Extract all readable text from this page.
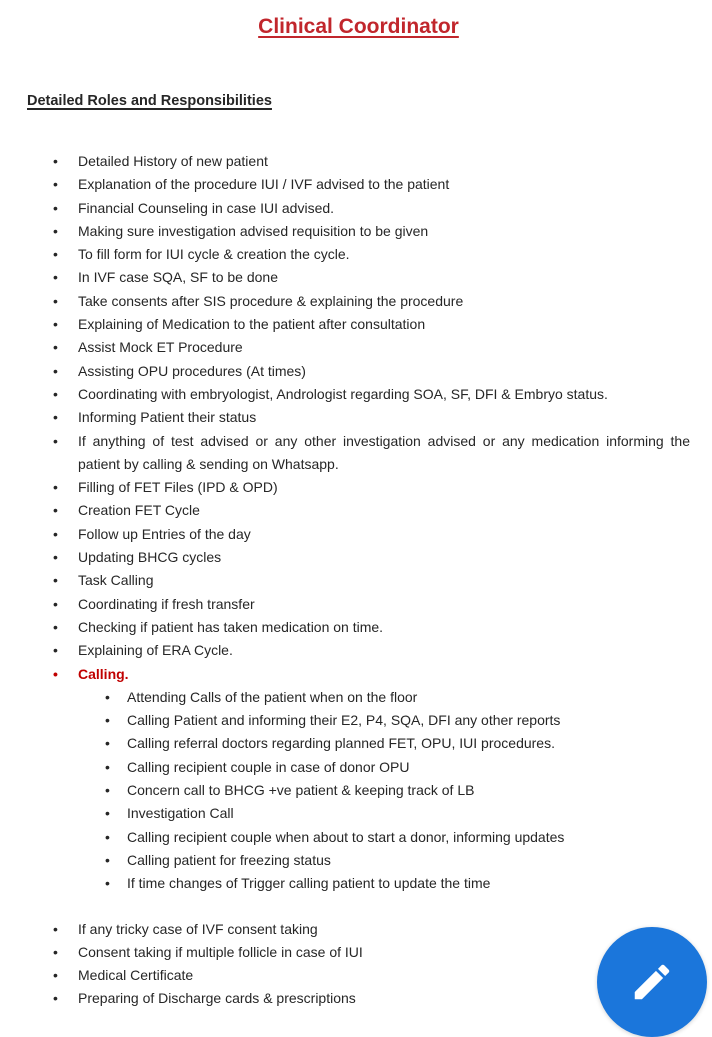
Clinical Coordinator
Detailed Roles and Responsibilities
• Detailed History of new patient
• Explanation of the procedure IUI / IVF advised to the patient
• Financial Counseling in case IUI advised.
• Making sure investigation advised requisition to be given
• To fill form for IUI cycle & creation the cycle.
• In IVF case SQA, SF to be done
• Take consents after SIS procedure & explaining the procedure
• Explaining of Medication to the patient after consultation
• Assist Mock ET Procedure
• Assisting OPU procedures (At times)
• Coordinating with embryologist, Andrologist regarding SOA, SF, DFI & Embryo status.
• Informing Patient their status
• If anything of test advised or any other investigation advised or any medication informing the patient by calling & sending on Whatsapp.
• Filling of FET Files (IPD & OPD)
• Creation FET Cycle
• Follow up Entries of the day
• Updating BHCG cycles
• Task Calling
• Coordinating if fresh transfer
• Checking if patient has taken medication on time.
• Explaining of ERA Cycle.
• Calling.
• Attending Calls of the patient when on the floor
• Calling Patient and informing their E2, P4, SQA, DFI any other reports
• Calling referral doctors regarding planned FET, OPU, IUI procedures.
• Calling recipient couple in case of donor OPU
• Concern call to BHCG +ve patient & keeping track of LB
• Investigation Call
• Calling recipient couple when about to start a donor, informing updates
• Calling patient for freezing status
• If time changes of Trigger calling patient to update the time
• If any tricky case of IVF consent taking
• Consent taking if multiple follicle in case of IUI
• Medical Certificate
• Preparing of Discharge cards & prescriptions
